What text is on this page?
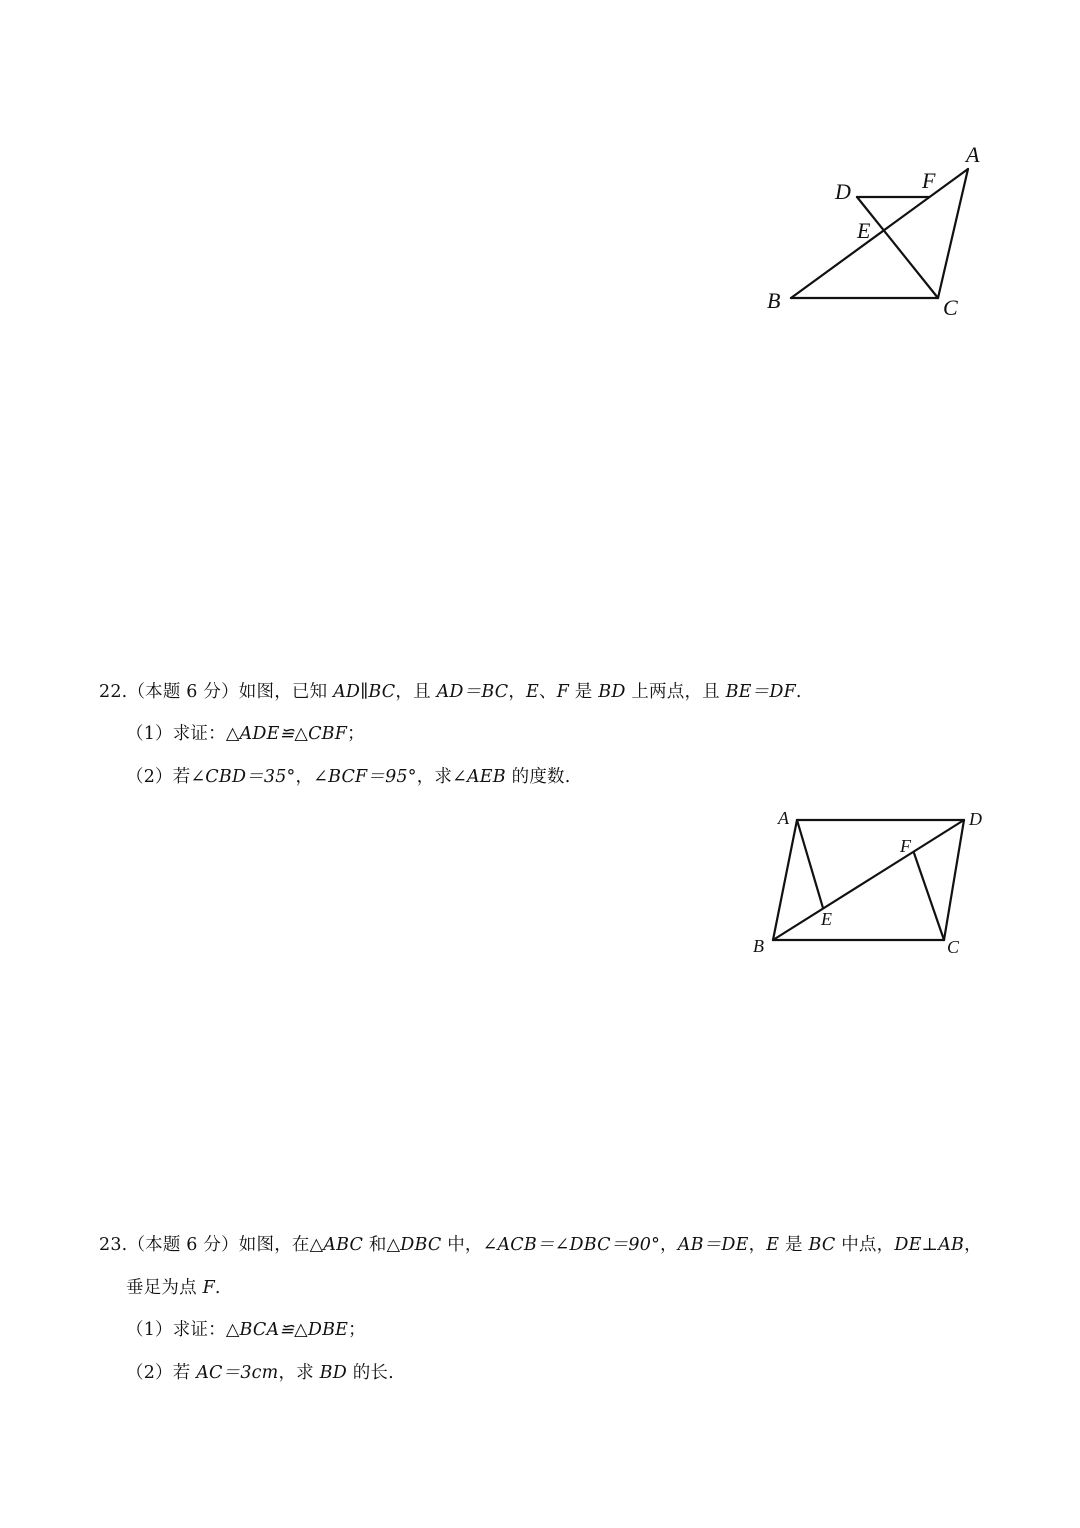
A
B	C
D
E
F
22.（本题 6 分）如图，已知 AD∥BC，且 AD＝BC，E、F 是 BD 上两点，且 BE＝DF.
（1）求证：△ADE≌△CBF；
（2）若∠CBD＝35°，∠BCF＝95°，求∠AEB 的度数.
A
B	C
D
E
F
23.（本题 6 分）如图，在△ABC 和△DBC 中，∠ACB＝∠DBC＝90°，AB＝DE，E 是 BC 中点，DE⊥AB，
垂足为点 F.
（1）求证：△BCA≌△DBE；
（2）若 AC＝3cm，求 BD 的长.
